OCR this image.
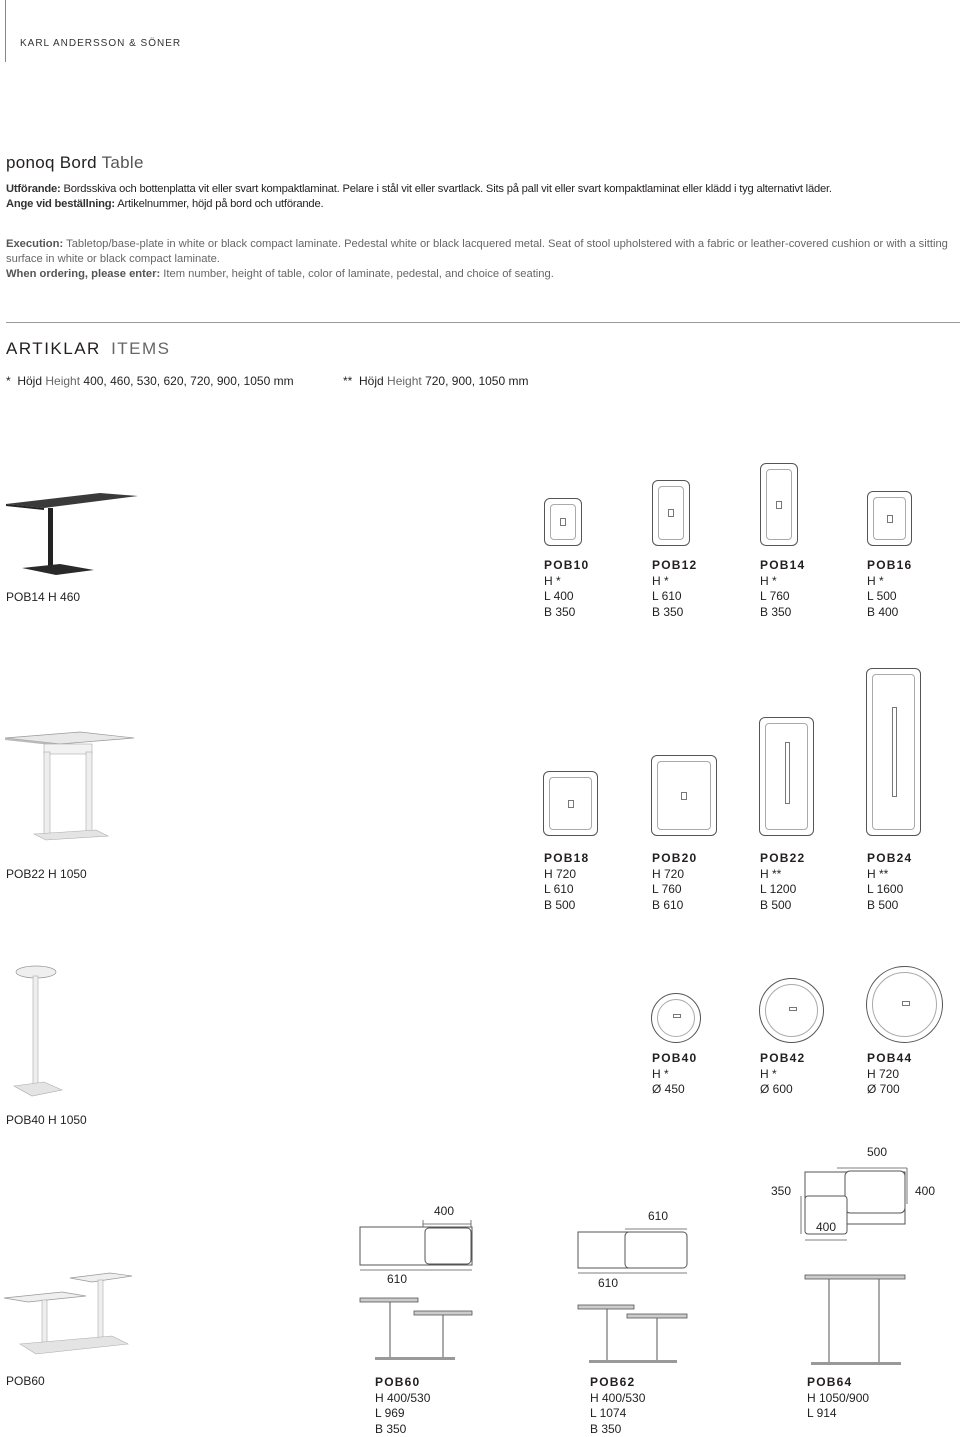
KARL ANDERSSON & SÖNER
ponoq Bord Table
Utförande: Bordsskiva och bottenplatta vit eller svart kompaktlaminat. Pelare i stål vit eller svartlack. Sits på pall vit eller svart kompaktlaminat eller klädd i tyg alternativt läder.
Ange vid beställning: Artikelnummer, höjd på bord och utförande.
Execution: Tabletop/base-plate in white or black compact laminate. Pedestal white or black lacquered metal. Seat of stool upholstered with a fabric or leather-covered cushion or with a sitting surface in white or black compact laminate.
When ordering, please enter: Item number, height of table, color of laminate, pedestal, and choice of seating.
ARTIKLAR ITEMS
* Höjd Height 400, 460, 530, 620, 720, 900, 1050 mm	** Höjd Height 720, 900, 1050 mm
POB14 H 460
POB10
H *
L 400
B 350
POB12
H *
L 610
B 350
POB14
H *
L 760
B 350
POB16
H *
L 500
B 400
POB22 H 1050
POB18
H 720
L 610
B 500
POB20
H 720
L 760
B 610
POB22
H **
L 1200
B 500
POB24
H **
L 1600
B 500
POB40 H 1050
POB40
H *
Ø 450
POB42
H *
Ø 600
POB44
H 720
Ø 700
POB60
400
610
610
610
500
350	400
400
POB60
H 400/530
L 969
B 350
POB62
H 400/530
L 1074
B 350
POB64
H 1050/900
L 914
